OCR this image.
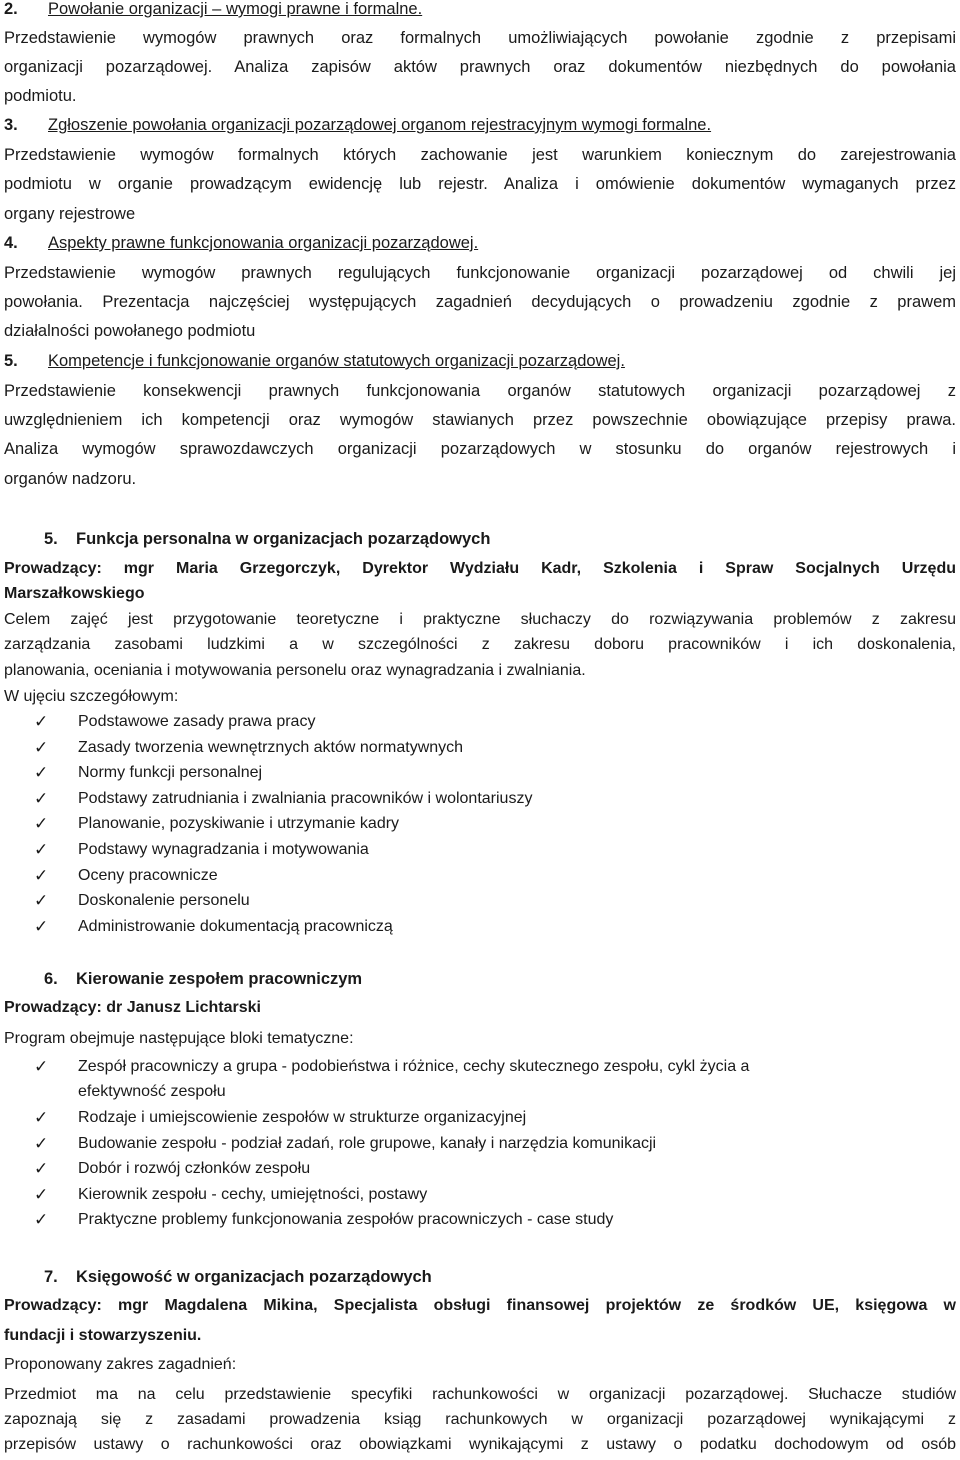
2. Powołanie organizacji – wymogi prawne i formalne.
Przedstawienie wymogów prawnych oraz formalnych umożliwiających powołanie zgodnie z przepisami
organizacji pozarządowej. Analiza zapisów aktów prawnych oraz dokumentów niezbędnych do powołania
podmiotu.
3. Zgłoszenie powołania organizacji pozarządowej organom rejestracyjnym wymogi formalne.
Przedstawienie wymogów formalnych których zachowanie jest warunkiem koniecznym do zarejestrowania
podmiotu w organie prowadzącym ewidencję lub rejestr. Analiza i omówienie dokumentów wymaganych przez
organy rejestrowe
4. Aspekty prawne funkcjonowania organizacji pozarządowej.
Przedstawienie wymogów prawnych regulujących funkcjonowanie organizacji pozarządowej od chwili jej
powołania. Prezentacja najczęściej występujących zagadnień decydujących o prowadzeniu zgodnie z prawem
działalności powołanego podmiotu
5. Kompetencje i funkcjonowanie organów statutowych organizacji pozarządowej.
Przedstawienie konsekwencji prawnych funkcjonowania organów statutowych organizacji pozarządowej z
uwzględnieniem ich kompetencji oraz wymogów stawianych przez powszechnie obowiązujące przepisy prawa.
Analiza wymogów sprawozdawczych organizacji pozarządowych w stosunku do organów rejestrowych i
organów nadzoru.
5. Funkcja personalna w organizacjach pozarządowych
Prowadzący: mgr Maria Grzegorczyk, Dyrektor Wydziału Kadr, Szkolenia i Spraw Socjalnych Urzędu
Marszałkowskiego
Celem zajęć jest przygotowanie teoretyczne i praktyczne słuchaczy do rozwiązywania problemów z zakresu
zarządzania zasobami ludzkimi a w szczególności z zakresu doboru pracowników i ich doskonalenia,
planowania, oceniania i motywowania personelu oraz wynagradzania i zwalniania.
W ujęciu szczegółowym:
✓ Podstawowe zasady prawa pracy
✓ Zasady tworzenia wewnętrznych aktów normatywnych
✓ Normy funkcji personalnej
✓ Podstawy zatrudniania i zwalniania pracowników i wolontariuszy
✓ Planowanie, pozyskiwanie i utrzymanie kadry
✓ Podstawy wynagradzania i motywowania
✓ Oceny pracownicze
✓ Doskonalenie personelu
✓ Administrowanie dokumentacją pracowniczą
6. Kierowanie zespołem pracowniczym
Prowadzący: dr Janusz Lichtarski
Program obejmuje następujące bloki tematyczne:
✓ Zespół pracowniczy a grupa - podobieństwa i różnice, cechy skutecznego zespołu, cykl życia a
efektywność zespołu
✓ Rodzaje i umiejscowienie zespołów w strukturze organizacyjnej
✓ Budowanie zespołu - podział zadań, role grupowe, kanały i narzędzia komunikacji
✓ Dobór i rozwój członków zespołu
✓ Kierownik zespołu - cechy, umiejętności, postawy
✓ Praktyczne problemy funkcjonowania zespołów pracowniczych - case study
7. Księgowość w organizacjach pozarządowych
Prowadzący: mgr Magdalena Mikina, Specjalista obsługi finansowej projektów ze środków UE, księgowa w
fundacji i stowarzyszeniu.
Proponowany zakres zagadnień:
Przedmiot ma na celu przedstawienie specyfiki rachunkowości w organizacji pozarządowej. Słuchacze studiów
zapoznają się z zasadami prowadzenia ksiąg rachunkowych w organizacji pozarządowej wynikającymi z
przepisów ustawy o rachunkowości oraz obowiązkami wynikającymi z ustawy o podatku dochodowym od osób
